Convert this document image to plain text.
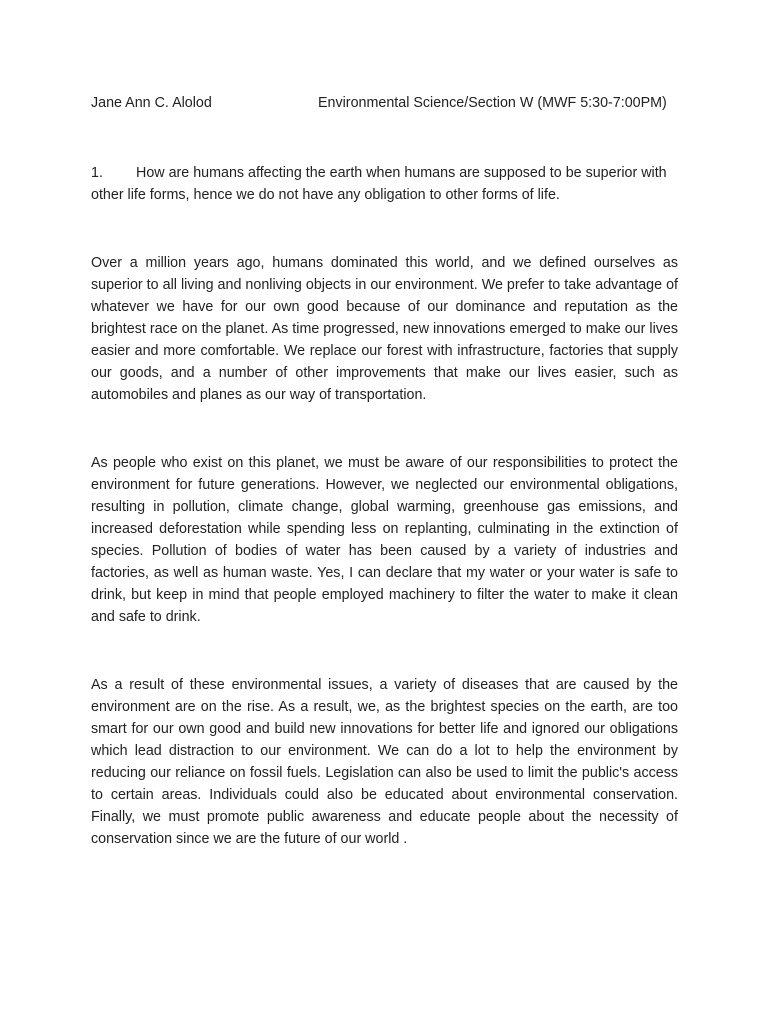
Jane Ann C. Alolod	Environmental Science/Section W (MWF 5:30-7:00PM)

1. How are humans affecting the earth when humans are supposed to be superior with other life forms, hence we do not have any obligation to other forms of life.

Over a million years ago, humans dominated this world, and we defined ourselves as superior to all living and nonliving objects in our environment. We prefer to take advantage of whatever we have for our own good because of our dominance and reputation as the brightest race on the planet. As time progressed, new innovations emerged to make our lives easier and more comfortable. We replace our forest with infrastructure, factories that supply our goods, and a number of other improvements that make our lives easier, such as automobiles and planes as our way of transportation.

As people who exist on this planet, we must be aware of our responsibilities to protect the environment for future generations. However, we neglected our environmental obligations, resulting in pollution, climate change, global warming, greenhouse gas emissions, and increased deforestation while spending less on replanting, culminating in the extinction of species. Pollution of bodies of water has been caused by a variety of industries and factories, as well as human waste. Yes, I can declare that my water or your water is safe to drink, but keep in mind that people employed machinery to filter the water to make it clean and safe to drink.

As a result of these environmental issues, a variety of diseases that are caused by the environment are on the rise. As a result, we, as the brightest species on the earth, are too smart for our own good and build new innovations for better life and ignored our obligations which lead distraction to our environment. We can do a lot to help the environment by reducing our reliance on fossil fuels. Legislation can also be used to limit the public's access to certain areas. Individuals could also be educated about environmental conservation. Finally, we must promote public awareness and educate people about the necessity of conservation since we are the future of our world .
